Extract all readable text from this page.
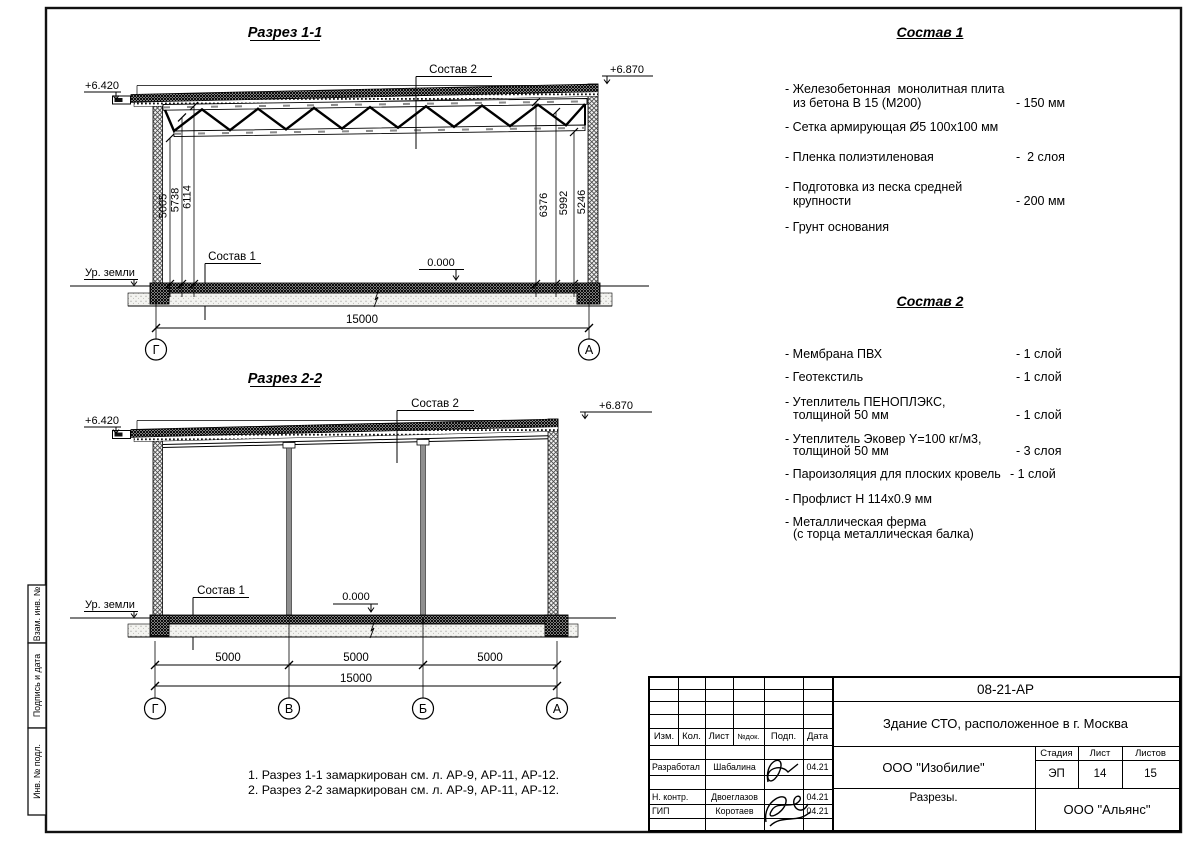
Взам. инв. №
Подпись и дата
Инв. № подл.
Разрез 1-1
+6.420
+6.870
Состав 2
Состав 1	0.000
Ур. земли
5005 5738 6114	6376 5992 5246
15000
Г	А
Разрез 2-2
+6.420
+6.870
Состав 2
Состав 1	0.000
Ур. земли
5000	5000	5000
15000
Г	В	Б	А
Состав 1
- Железобетонная  монолитная плита
из бетона В 15 (М200)	- 150 мм
- Сетка армирующая Ø5 100х100 мм
- Пленка полиэтиленовая	-  2 слоя
- Подготовка из песка средней
крупности	- 200 мм
- Грунт основания
Состав 2
- Мембрана ПВХ	- 1 слой
- Геотекстиль	- 1 слой
- Утеплитель ПЕНОПЛЭКС,
толщиной 50 мм	- 1 слой
- Утеплитель Эковер Y=100 кг/м3,
толщиной 50 мм	- 3 слоя
- Пароизоляция для плоских кровель - 1 слой
- Профлист Н 114х0.9 мм
- Металлическая ферма
(с торца металлическая балка)
1. Разрез 1-1 замаркирован см. л. АР-9, АР-11, АР-12.
2. Разрез 2-2 замаркирован см. л. АР-9, АР-11, АР-12.
Изм. Кол. Лист	№док.	Подп.	Дата
Разработал	Шабалина	04.21
Н. контр.	Двоеглазов	04.21
ГИП	Коротаев	04.21
08-21-АР
Здание СТО, расположенное в г. Москва
ООО "Изобилие"
Стадия	Лист	Листов
ЭП	14	15
Разрезы.
ООО "Альянс"
